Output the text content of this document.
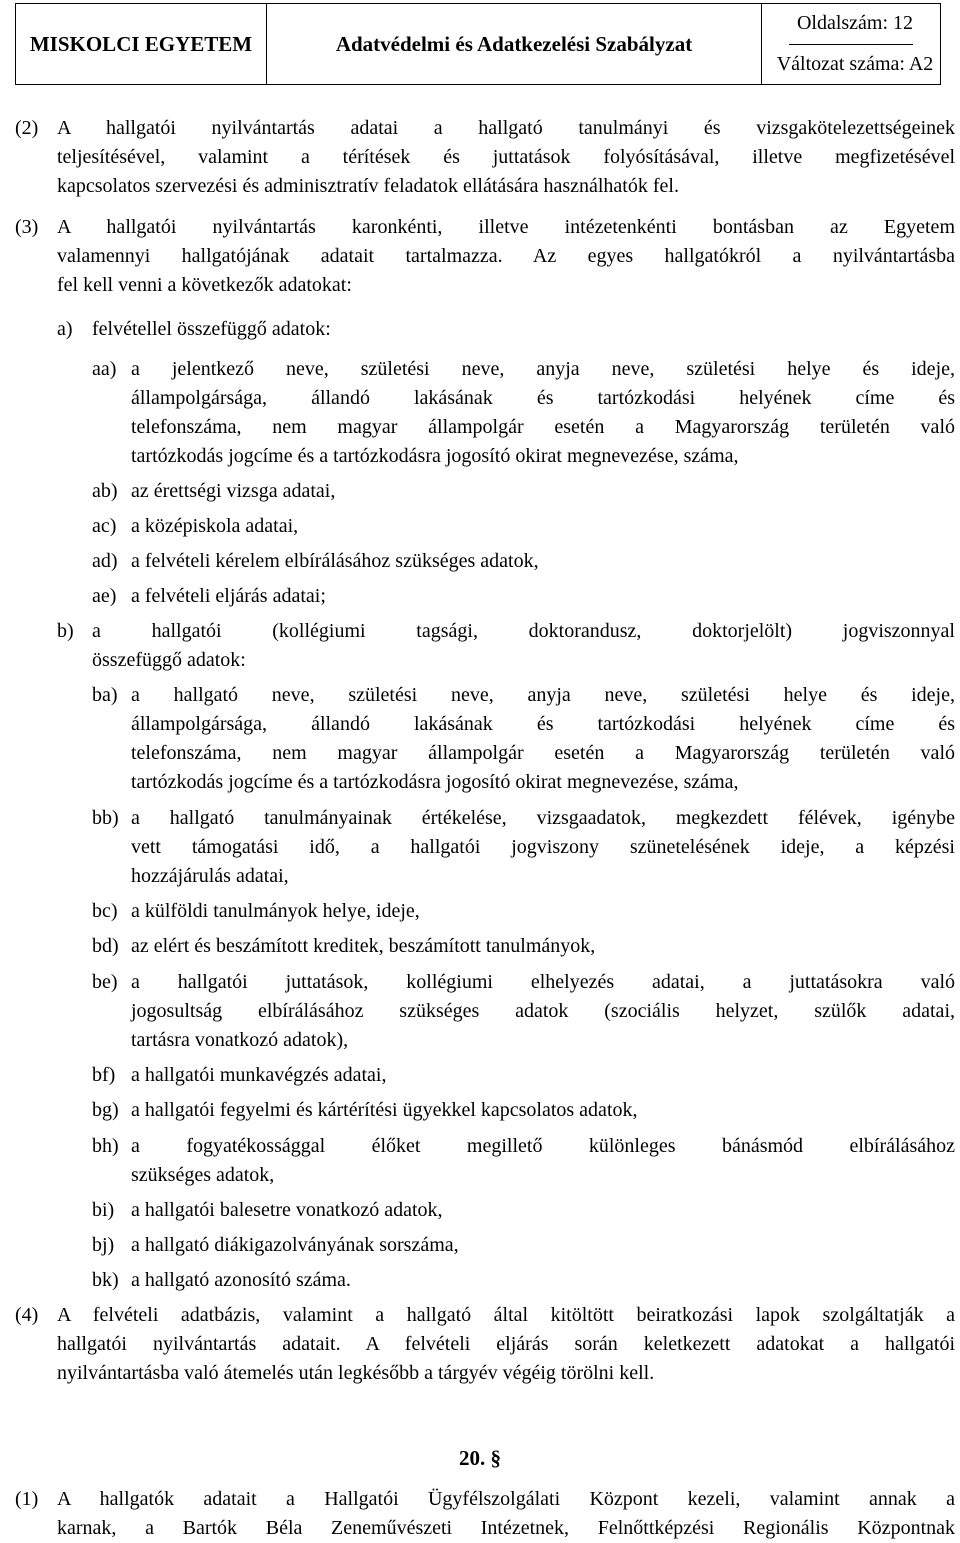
MISKOLCI EGYETEM	Adatvédelmi és Adatkezelési Szabályzat
Oldalszám: 12
Változat száma: A2
(2) A hallgatói nyilvántartás adatai a hallgató tanulmányi és vizsgakötelezettségeinek
teljesítésével, valamint a térítések és juttatások folyósításával, illetve megfizetésével
kapcsolatos szervezési és adminisztratív feladatok ellátására használhatók fel.
(3) A hallgatói nyilvántartás karonkénti, illetve intézetenkénti bontásban az Egyetem
valamennyi hallgatójának adatait tartalmazza. Az egyes hallgatókról a nyilvántartásba
fel kell venni a következők adatokat:
a) felvétellel összefüggő adatok:
aa) a jelentkező neve, születési neve, anyja neve, születési helye és ideje,
állampolgársága, állandó lakásának és tartózkodási helyének címe és
telefonszáma, nem magyar állampolgár esetén a Magyarország területén való
tartózkodás jogcíme és a tartózkodásra jogosító okirat megnevezése, száma,
ab) az érettségi vizsga adatai,
ac) a középiskola adatai,
ad) a felvételi kérelem elbírálásához szükséges adatok,
ae) a felvételi eljárás adatai;
b) a hallgatói (kollégiumi tagsági, doktorandusz, doktorjelölt) jogviszonnyal
összefüggő adatok:
ba) a hallgató neve, születési neve, anyja neve, születési helye és ideje,
állampolgársága, állandó lakásának és tartózkodási helyének címe és
telefonszáma, nem magyar állampolgár esetén a Magyarország területén való
tartózkodás jogcíme és a tartózkodásra jogosító okirat megnevezése, száma,
bb) a hallgató tanulmányainak értékelése, vizsgaadatok, megkezdett félévek, igénybe
vett támogatási idő, a hallgatói jogviszony szünetelésének ideje, a képzési
hozzájárulás adatai,
bc) a külföldi tanulmányok helye, ideje,
bd) az elért és beszámított kreditek, beszámított tanulmányok,
be) a hallgatói juttatások, kollégiumi elhelyezés adatai, a juttatásokra való
jogosultság elbírálásához szükséges adatok (szociális helyzet, szülők adatai,
tartásra vonatkozó adatok),
bf) a hallgatói munkavégzés adatai,
bg) a hallgatói fegyelmi és kártérítési ügyekkel kapcsolatos adatok,
bh) a fogyatékossággal élőket megillető különleges bánásmód elbírálásához
szükséges adatok,
bi) a hallgatói balesetre vonatkozó adatok,
bj) a hallgató diákigazolványának sorszáma,
bk) a hallgató azonosító száma.
(4) A felvételi adatbázis, valamint a hallgató által kitöltött beiratkozási lapok szolgáltatják a
hallgatói nyilvántartás adatait. A felvételi eljárás során keletkezett adatokat a hallgatói
nyilvántartásba való átemelés után legkésőbb a tárgyév végéig törölni kell.
20. §
(1) A hallgatók adatait a Hallgatói Ügyfélszolgálati Központ kezeli, valamint annak a
karnak, a Bartók Béla Zeneművészeti Intézetnek, Felnőttképzési Regionális Központnak
